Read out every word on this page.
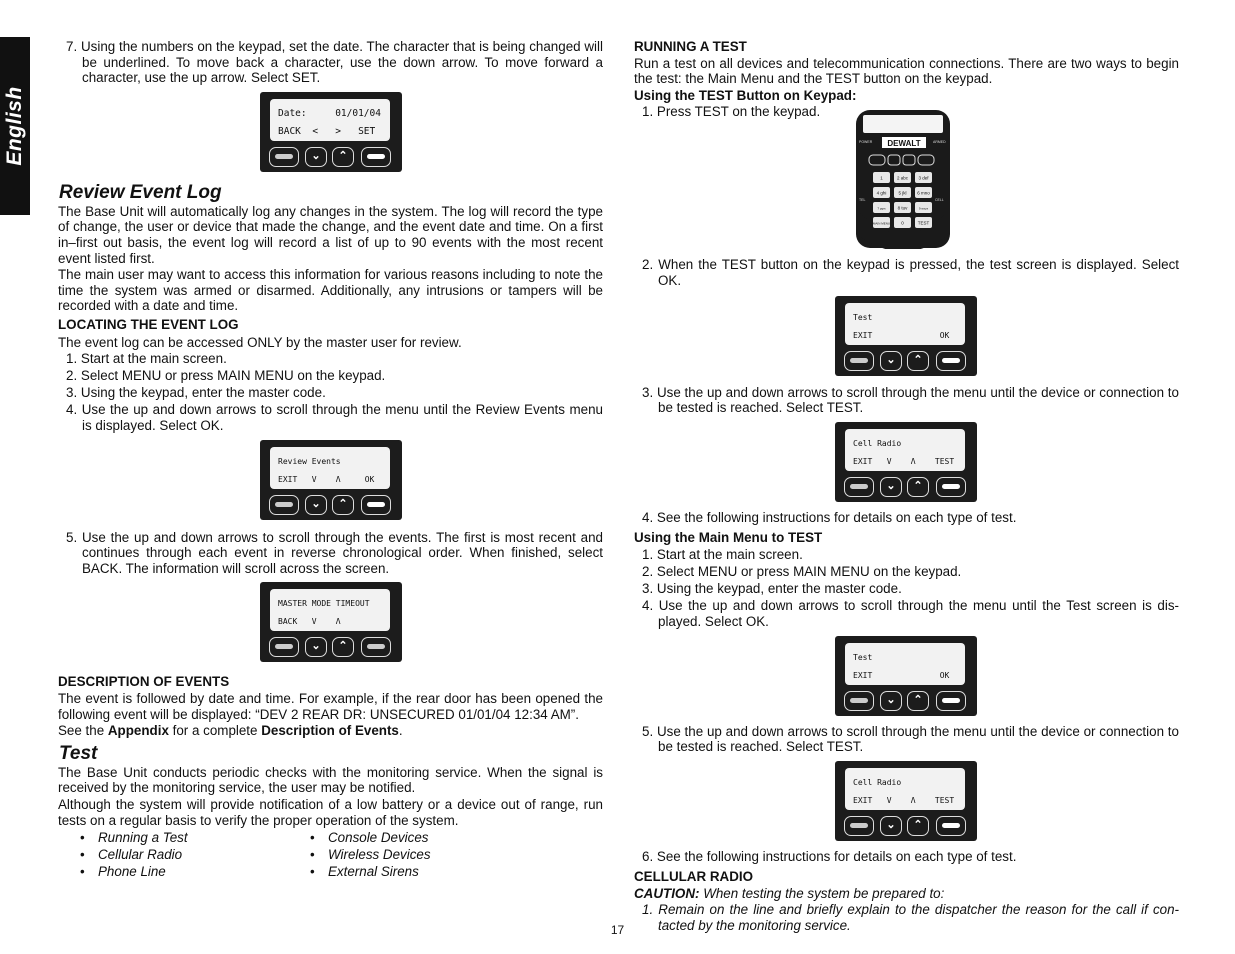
English
7. Using the numbers on the keypad, set the date. The character that is being changed will be underlined. To move back a character, use the down arrow. To move forward a character, use the up arrow. Select SET.
Date:     01/01/04
BACK  <   >   SET
⌄	⌃
Review Event Log

The Base Unit will automatically log any changes in the system. The log will record the type of change, the user or device that made the change, and the event date and time. On a first in–first out basis, the event log will record a list of up to 90 events with the most recent event listed first.

The main user may want to access this information for various reasons including to note the time the system was armed or disarmed. Additionally, any intrusions or tampers will be recorded with a date and time.

LOCATING THE EVENT LOG

The event log can be accessed ONLY by the master user for review.

1. Start at the main screen.
2. Select MENU or press MAIN MENU on the keypad.
3. Using the keypad, enter the master code.
4. Use the up and down arrows to scroll through the menu until the Review Events menu is displayed. Select OK.
Review Events
EXIT   V    Λ     OK
⌄	⌃
5. Use the up and down arrows to scroll through the events. The first is most recent and continues through each event in reverse chronological order. When finished, select BACK. The information will scroll across the screen.
MASTER MODE TIMEOUT
BACK   V    Λ
⌄	⌃
DESCRIPTION OF EVENTS

The event is followed by date and time. For example, if the rear door has been opened the following event will be displayed: “DEV 2 REAR DR: UNSECURED 01/01/04 12:34 AM”.

See the Appendix for a complete Description of Events.

Test

The Base Unit conducts periodic checks with the monitoring service. When the signal is received by the monitoring service, the user may be notified.

Although the system will provide notification of a low battery or a device out of range, run tests on a regular basis to verify the proper operation of the system.

• Running a Test	• Console Devices
• Cellular Radio	• Wireless Devices
• Phone Line	• External Sirens
RUNNING A TEST

Run a test on all devices and telecommunication connections. There are two ways to begin the test: the Main Menu and the TEST button on the keypad.

Using the TEST Button on Keypad:
1. Press TEST on the keypad.
DEWALT
POWER	ARMED
TEL	CELL
1	2 abc 3 def
4 ghi	5 jkl 6 mno
7 pqrs	8 tuv	9 wxyz
MAIN MENU 0	TEST
2. When the TEST button on the keypad is pressed, the test screen is displayed. Select OK.
Test
EXIT              OK
⌄	⌃
3. Use the up and down arrows to scroll through the menu until the device or connection to be tested is reached. Select TEST.
Cell Radio
EXIT   V    Λ    TEST
⌄	⌃
4. See the following instructions for details on each type of test.
Using the Main Menu to TEST
1. Start at the main screen.
2. Select MENU or press MAIN MENU on the keypad.
3. Using the keypad, enter the master code.
4. Use the up and down arrows to scroll through the menu until the Test screen is dis-played. Select OK.
Test
EXIT              OK
⌄	⌃
5. Use the up and down arrows to scroll through the menu until the device or connection to be tested is reached. Select TEST.
Cell Radio
EXIT   V    Λ    TEST
⌄	⌃
6. See the following instructions for details on each type of test.
CELLULAR RADIO

CAUTION: When testing the system be prepared to:

1. Remain on the line and briefly explain to the dispatcher the reason for the call if con-tacted by the monitoring service.
17
